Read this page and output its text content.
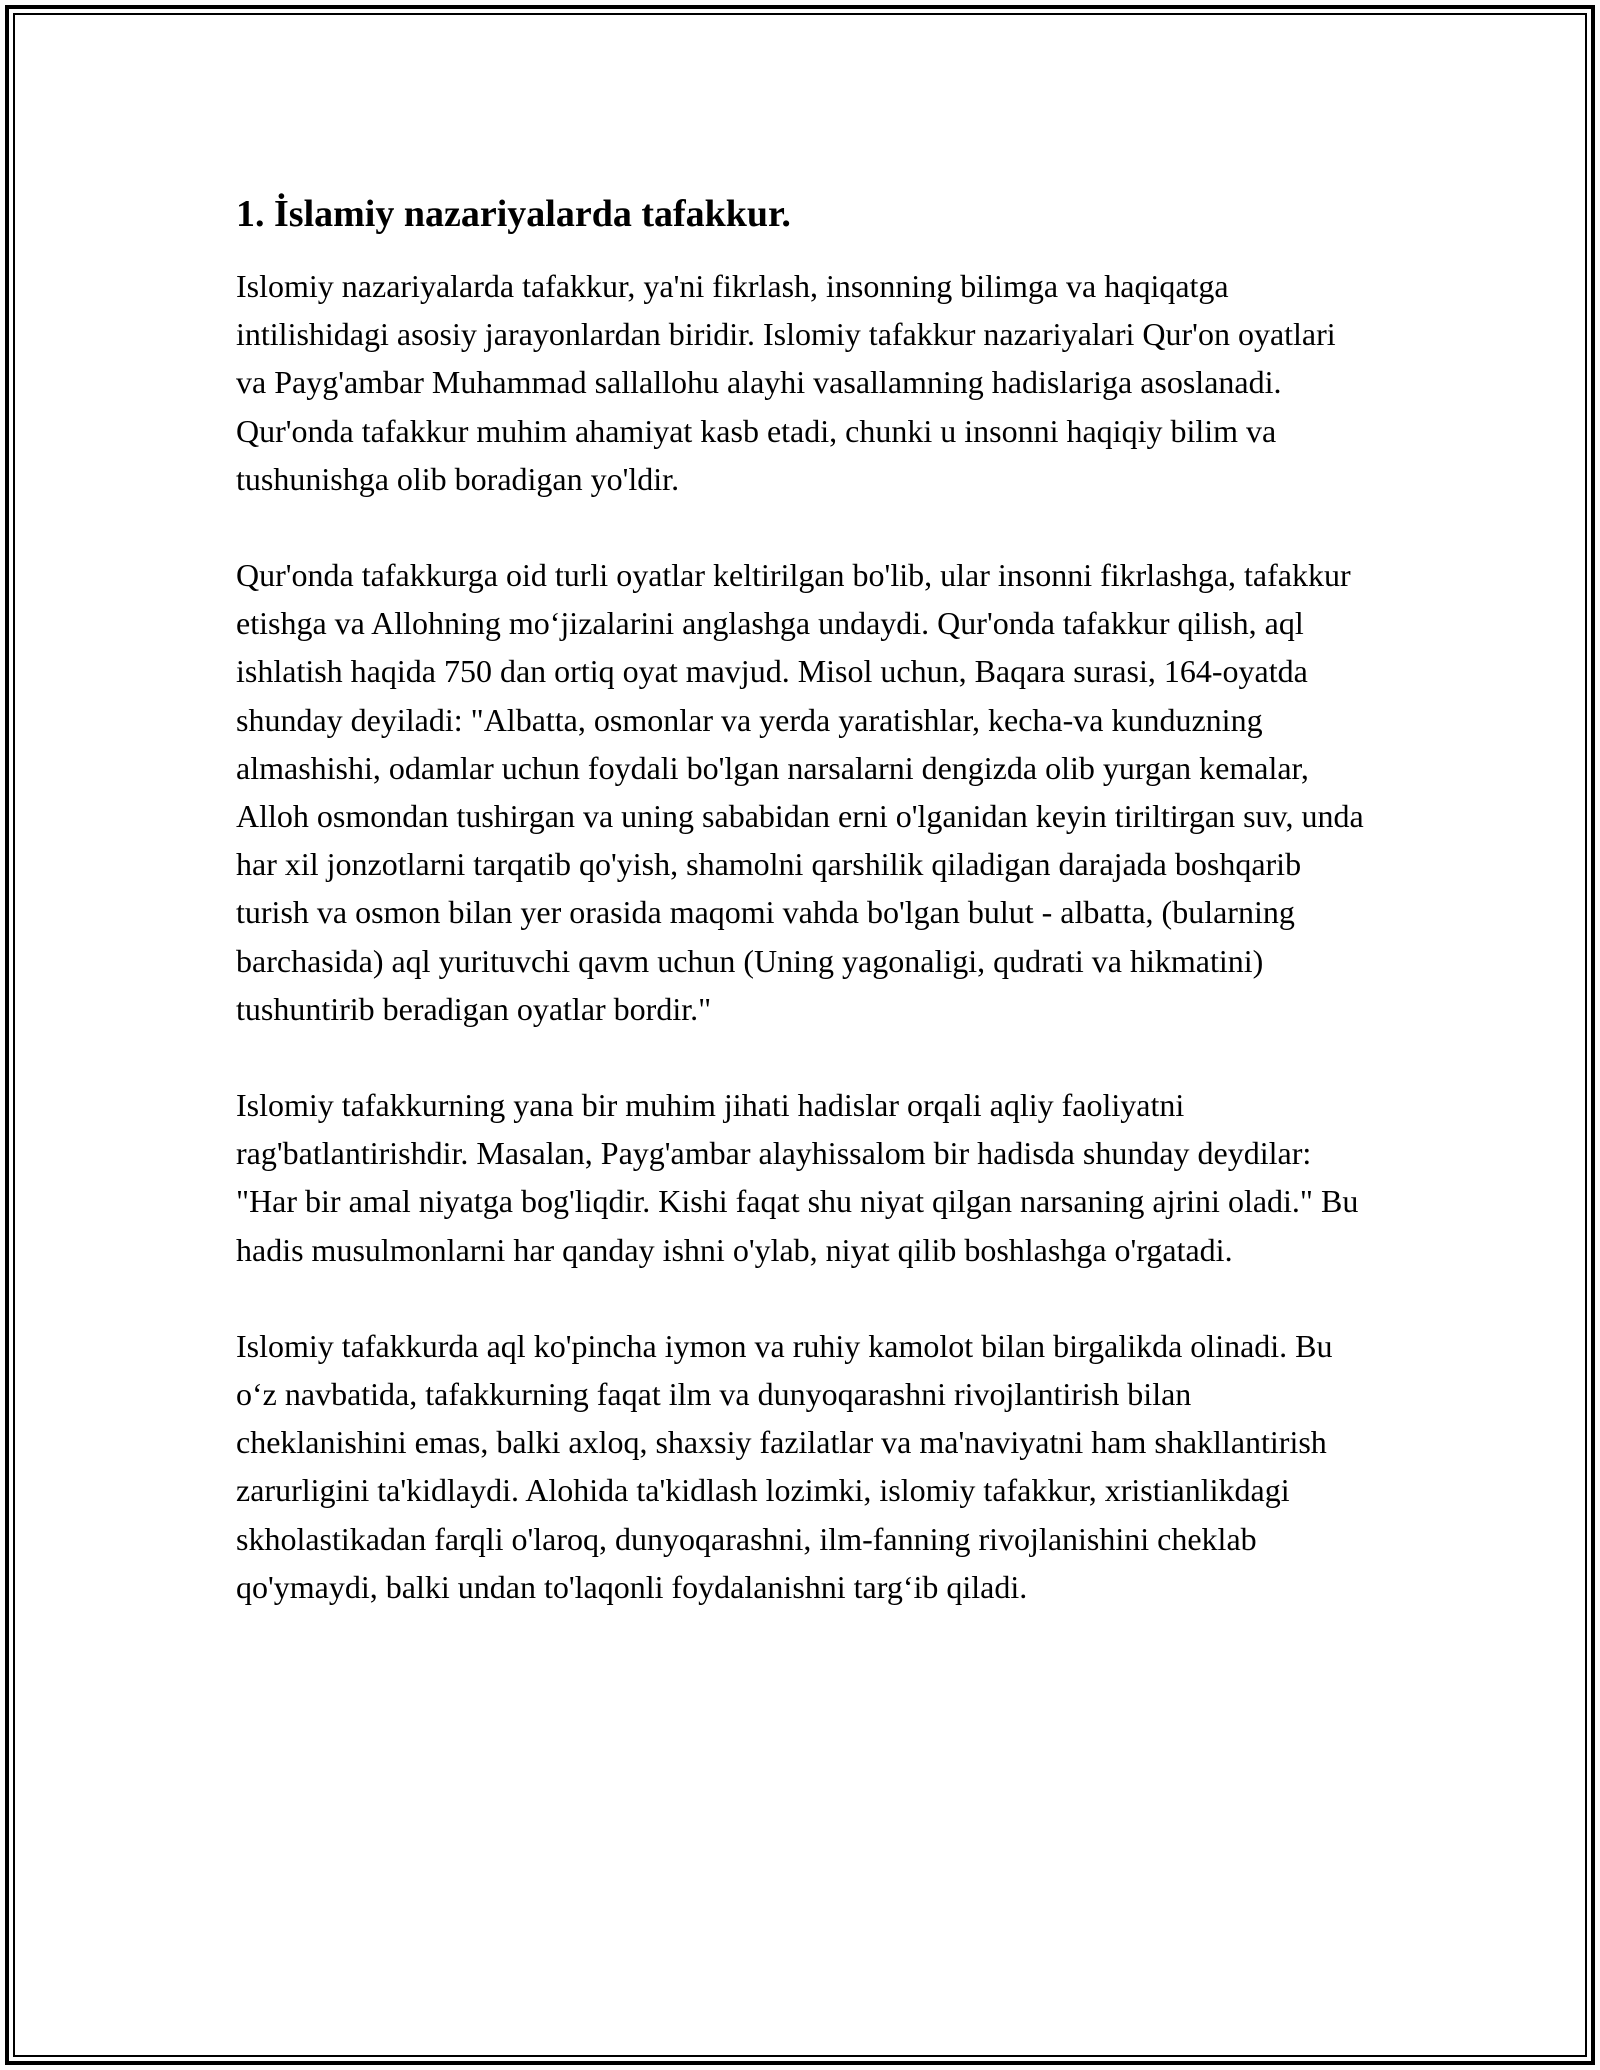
1. İslamiy nazariyalarda tafakkur.

Islomiy nazariyalarda tafakkur, ya'ni fikrlash, insonning bilimga va haqiqatga intilishidagi asosiy jarayonlardan biridir. Islomiy tafakkur nazariyalari Qur'on oyatlari va Payg'ambar Muhammad sallallohu alayhi vasallamning hadislariga asoslanadi. Qur'onda tafakkur muhim ahamiyat kasb etadi, chunki u insonni haqiqiy bilim va tushunishga olib boradigan yo'ldir.

Qur'onda tafakkurga oid turli oyatlar keltirilgan bo'lib, ular insonni fikrlashga, tafakkur etishga va Allohning mo‘jizalarini anglashga undaydi. Qur'onda tafakkur qilish, aql ishlatish haqida 750 dan ortiq oyat mavjud. Misol uchun, Baqara surasi, 164-oyatda shunday deyiladi: "Albatta, osmonlar va yerda yaratishlar, kecha-va kunduzning almashishi, odamlar uchun foydali bo'lgan narsalarni dengizda olib yurgan kemalar, Alloh osmondan tushirgan va uning sababidan erni o'lganidan keyin tiriltirgan suv, unda har xil jonzotlarni tarqatib qo'yish, shamolni qarshilik qiladigan darajada boshqarib turish va osmon bilan yer orasida maqomi vahda bo'lgan bulut - albatta, (bularning barchasida) aql yurituvchi qavm uchun (Uning yagonaligi, qudrati va hikmatini) tushuntirib beradigan oyatlar bordir."

Islomiy tafakkurning yana bir muhim jihati hadislar orqali aqliy faoliyatni rag'batlantirishdir. Masalan, Payg'ambar alayhissalom bir hadisda shunday deydilar: "Har bir amal niyatga bog'liqdir. Kishi faqat shu niyat qilgan narsaning ajrini oladi." Bu hadis musulmonlarni har qanday ishni o'ylab, niyat qilib boshlashga o'rgatadi.

Islomiy tafakkurda aql ko'pincha iymon va ruhiy kamolot bilan birgalikda olinadi. Bu o‘z navbatida, tafakkurning faqat ilm va dunyoqarashni rivojlantirish bilan cheklanishini emas, balki axloq, shaxsiy fazilatlar va ma'naviyatni ham shakllantirish zarurligini ta'kidlaydi. Alohida ta'kidlash lozimki, islomiy tafakkur, xristianlikdagi skholastikadan farqli o'laroq, dunyoqarashni, ilm-fanning rivojlanishini cheklab qo'ymaydi, balki undan to'laqonli foydalanishni targ‘ib qiladi.
